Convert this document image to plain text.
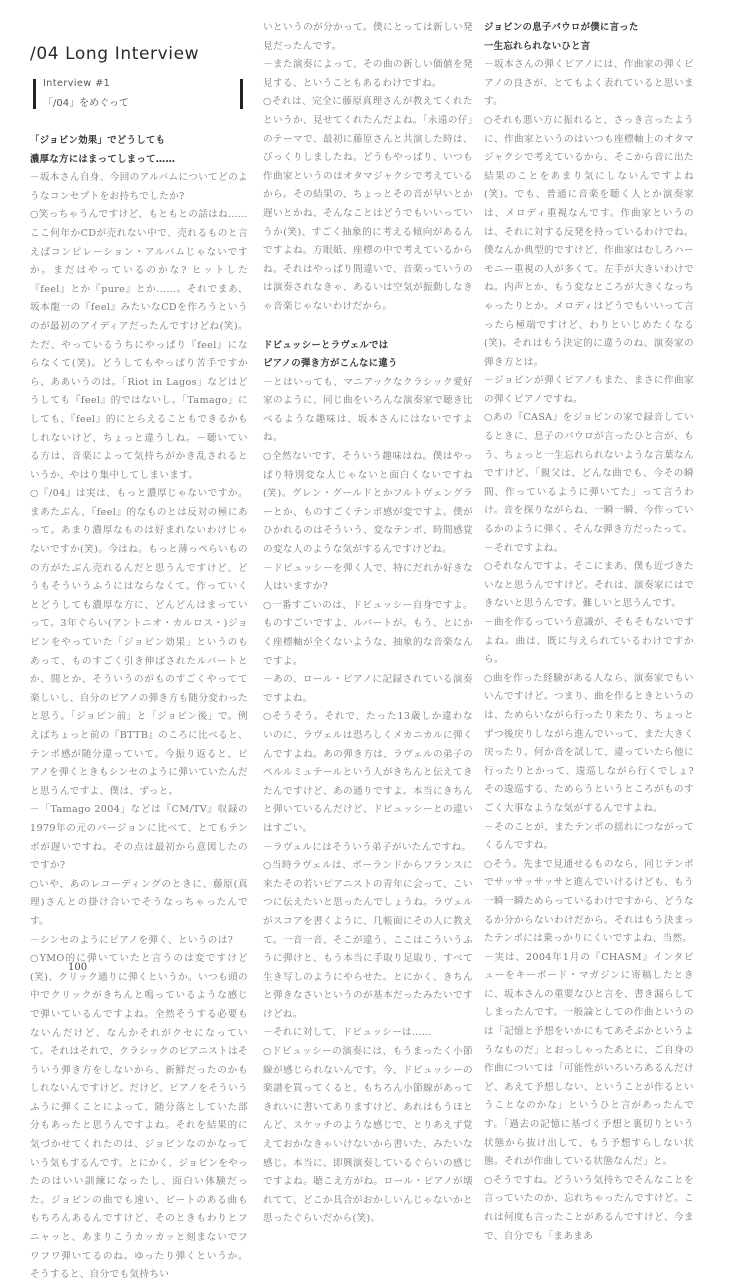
/04 Long Interview
Interview #1
「/04」をめぐって

「ジョビン効果」でどうしても

濃厚な方にはまってしまって……

－坂本さん自身、今回のアルバムについてどのようなコンセプトをお持ちでしたか?

○笑っちゃうんですけど、もともとの話はね……ここ何年かCDが売れない中で、売れるものと言えばコンピレーション・アルバムじゃないですか。まだはやっているのかな? ヒットした『feel』とか『pure』とか……。それでまあ、坂本龍一の『feel』みたいなCDを作ろうというのが最初のアイディアだったんですけどね(笑)。ただ、やっているうちにやっぱり『feel』にならなくて(笑)。どうしてもやっぱり苦手ですから、ああいうのは。「Riot in Lagos」などはどうしても『feel』的ではないし。「Tamago」にしても、『feel』的にとらえることもできるかもしれないけど、ちょっと違うしね。－聴いている方は、音楽によって気持ちがかき乱されるというか、やはり集中してしまいます。

○『/04』は実は、もっと濃厚じゃないですか。まあたぶん、『feel』的なものとは反対の極にあって。あまり濃厚なものは好まれないわけじゃないですか(笑)。今はね。もっと薄っぺらいものの方がたぶん売れるんだと思うんですけど、どうもそういうふうにはならなくて。作っていくとどうしても濃厚な方に、どんどんはまっていって。3年ぐらい(アントニオ・カルロス・)ジョビンをやっていた「ジョビン効果」というのもあって、ものすごく引き伸ばされたルバートとか、間とか、そういうのがものすごくやってて楽しいし、自分のピアノの弾き方も随分変わったと思う。「ジョビン前」と「ジョビン後」で。例えばちょっと前の『BTTB』のころに比べると、テンポ感が随分違っていて。今振り返ると、ピアノを弾くときもシンセのように弾いていたんだと思うんですよ、僕は、ずっと。

－「Tamago 2004」などは『CM/TV』収録の1979年の元のバージョンに比べて、とてもテンポが遅いですね。その点は最初から意図したのですか?

○いや、あのレコーディングのときに、藤原(真理)さんとの掛け合いでそうなっちゃったんです。

－シンセのようにピアノを弾く、というのは?

○YMO的に弾いていたと言うのは変ですけど(笑)、クリック通りに弾くというか。いつも頭の中でクリックがきちんと鳴っているような感じで弾いているんですよね。全然そうする必要もないんだけど、なんかそれがクセになっていて。それはそれで、クラシックのピアニストはそういう弾き方をしないから、新鮮だったのかもしれないんですけど。だけど、ピアノをそういうふうに弾くことによって、随分落としていた部分もあったと思うんですよね。それを結果的に気づかせてくれたのは、ジョビンなのかなっていう気もするんです。とにかく、ジョビンをやったのはいい訓練になったし、面白い体験だった。ジョビンの曲でも速い、ビートのある曲ももちろんあるんですけど、そのときもわりとフニャッと、あまりこうカッカッと刻まないでフワフワ弾いてるのね。ゆったり弾くというか。そうすると、自分でも気持ちい

いというのが分かって。僕にとっては新しい発見だったんです。

－また演奏によって、その曲の新しい価値を発見する、ということもあるわけですね。

○それは、完全に藤原真理さんが教えてくれたというか、見せてくれたんだよね。「永遠の仔」のテーマで、最初に藤原さんと共演した時は、びっくりしましたね。どうもやっぱり、いつも作曲家というのはオタマジャクシで考えているから。その結果の、ちょっとその音が早いとか遅いとかね、そんなことはどうでもいいっていうか(笑)、すごく抽象的に考える傾向があるんですよね。方眼紙、座標の中で考えているからね。それはやっぱり間違いで、音楽っていうのは演奏されなきゃ、あるいは空気が振動しなきゃ音楽じゃないわけだから。

ドビュッシーとラヴェルでは

ピアノの弾き方がこんなに違う

－とはいっても、マニアックなクラシック愛好家のように、同じ曲をいろんな演奏家で聴き比べるような趣味は、坂本さんにはないですよね。

○全然ないです、そういう趣味はね。僕はやっぱり特別変な人じゃないと面白くないですね(笑)。グレン・グールドとかフルトヴェングラーとか、ものすごくテンポ感が変ですよ。僕がひかれるのはそういう、変なテンポ、時間感覚の変な人のような気がするんですけどね。

－ドビュッシーを弾く人で、特にだれか好きな人はいますか?

○一番すごいのは、ドビュッシー自身ですよ。ものすごいですよ、ルバートが。もう、とにかく座標軸が全くないような、抽象的な音楽なんですよ。

－あの、ロール・ピアノに記録されている演奏ですよね。

○そうそう。それで、たった13歳しか違わないのに、ラヴェルは恐ろしくメカニカルに弾くんですよね。あの弾き方は、ラヴェルの弟子のペルルミュテールという人がきちんと伝えてきたんですけど、あの通りですよ。本当にきちんと弾いているんだけど、ドビュッシーとの違いはすごい。

－ラヴェルにはそういう弟子がいたんですね。

○当時ラヴェルは、ポーランドからフランスに来たその若いピアニストの青年に会って、こいつに伝えたいと思ったんでしょうね。ラヴェルがスコアを書くように、几帳面にその人に教えて。一音一音、そこが違う、ここはこういうふうに弾けと、もう本当に手取り足取り、すべて生き写しのようにやらせた。とにかく、きちんと弾きなさいというのが基本だったみたいですけどね。

－それに対して、ドビュッシーは……

○ドビュッシーの演奏には、もうまったく小節線が感じられないんです。今、ドビュッシーの楽譜を買ってくると、もちろん小節線があってきれいに書いてありますけど、あれはもうほとんど、スケッチのような感じで、とりあえず覚えておかなきゃいけないから書いた、みたいな感じ。本当に、即興演奏しているぐらいの感じですよね。聴こえ方がね。ロール・ピアノが壊れてて、どこか具合がおかしいんじゃないかと思ったぐらいだから(笑)。

ジョビンの息子パウロが僕に言った

一生忘れられないひと言

－坂本さんの弾くピアノには、作曲家の弾くピアノの良さが、とてもよく表れていると思います。

○それも悪い方に振れると、さっき言ったように、作曲家というのはいつも座標軸上のオタマジャクシで考えているから、そこから音に出た結果のことをあまり気にしないんですよね(笑)。でも、普通に音楽を聴く人とか演奏家は、メロディ重視なんです。作曲家というのは、それに対する反発を持っているわけでね。僕なんか典型的ですけど、作曲家はむしろハーモニー重視の人が多くて。左手が大きいわけでね。内声とか、もう変なところが大きくなっちゃったりとか。メロディはどうでもいいって言ったら極端ですけど、わりといじめたくなる(笑)。それはもう決定的に違うのね、演奏家の弾き方とは。

－ジョビンが弾くピアノもまた、まさに作曲家の弾くピアノですね。

○あの『CASA』をジョビンの家で録音しているときに、息子のパウロが言ったひと言が、もう、ちょっと一生忘れられないような言葉なんですけど。「親父は、どんな曲でも、今その瞬間、作っているように弾いてた」って言うわけ。音を探りながらね、一瞬一瞬、今作っているかのように弾く、そんな弾き方だったって。

－それですよね。

○それなんですよ。そこにまあ、僕も近づきたいなと思うんですけど。それは、演奏家にはできないと思うんです。難しいと思うんです。

－曲を作るっていう意識が、そもそもないですよね。曲は、既に与えられているわけですから。

○曲を作った経験がある人なら、演奏家でもいいんですけど。つまり、曲を作るときというのは、ためらいながら行ったり来たり、ちょっとずつ後戻りしながら進んでいって、また大きく戻ったり。何か音を試して、違っていたら他に行ったりとかって、逡巡しながら行くでしょ? その逡巡する、ためらうというところがものすごく大事なような気がするんですよね。

－そのことが、またテンポの揺れにつながってくるんですね。

○そう。先まで見通せるものなら、同じテンポでサッサッサッサと進んでいけるけども、もう一瞬一瞬ためらっているわけですから、どうなるか分からないわけだから。それはもう決まったテンポには乗っかりにくいですよね、当然。

－実は、2004年1月の『CHASM』インタビューをキーボード・マガジンに寄稿したときに、坂本さんの重要なひと言を、書き漏らしてしまったんです。一般論としての作曲というのは「記憶と予想をいかにもてあそぶかというようなものだ」とおっしゃったあとに、ご自身の作曲については「可能性がいろいろあるんだけど、あえて予想しない、ということが作るということなのかな」というひと言があったんです。「過去の記憶に基づく予想と裏切りという状態から抜け出して、もう予想すらしない状態。それが作曲している状態なんだ」と。

○そうですね。どういう気持ちでそんなことを言っていたのか、忘れちゃったんですけど。これは何度も言ったことがあるんですけど、今まで、自分でも「まあまあ

100
